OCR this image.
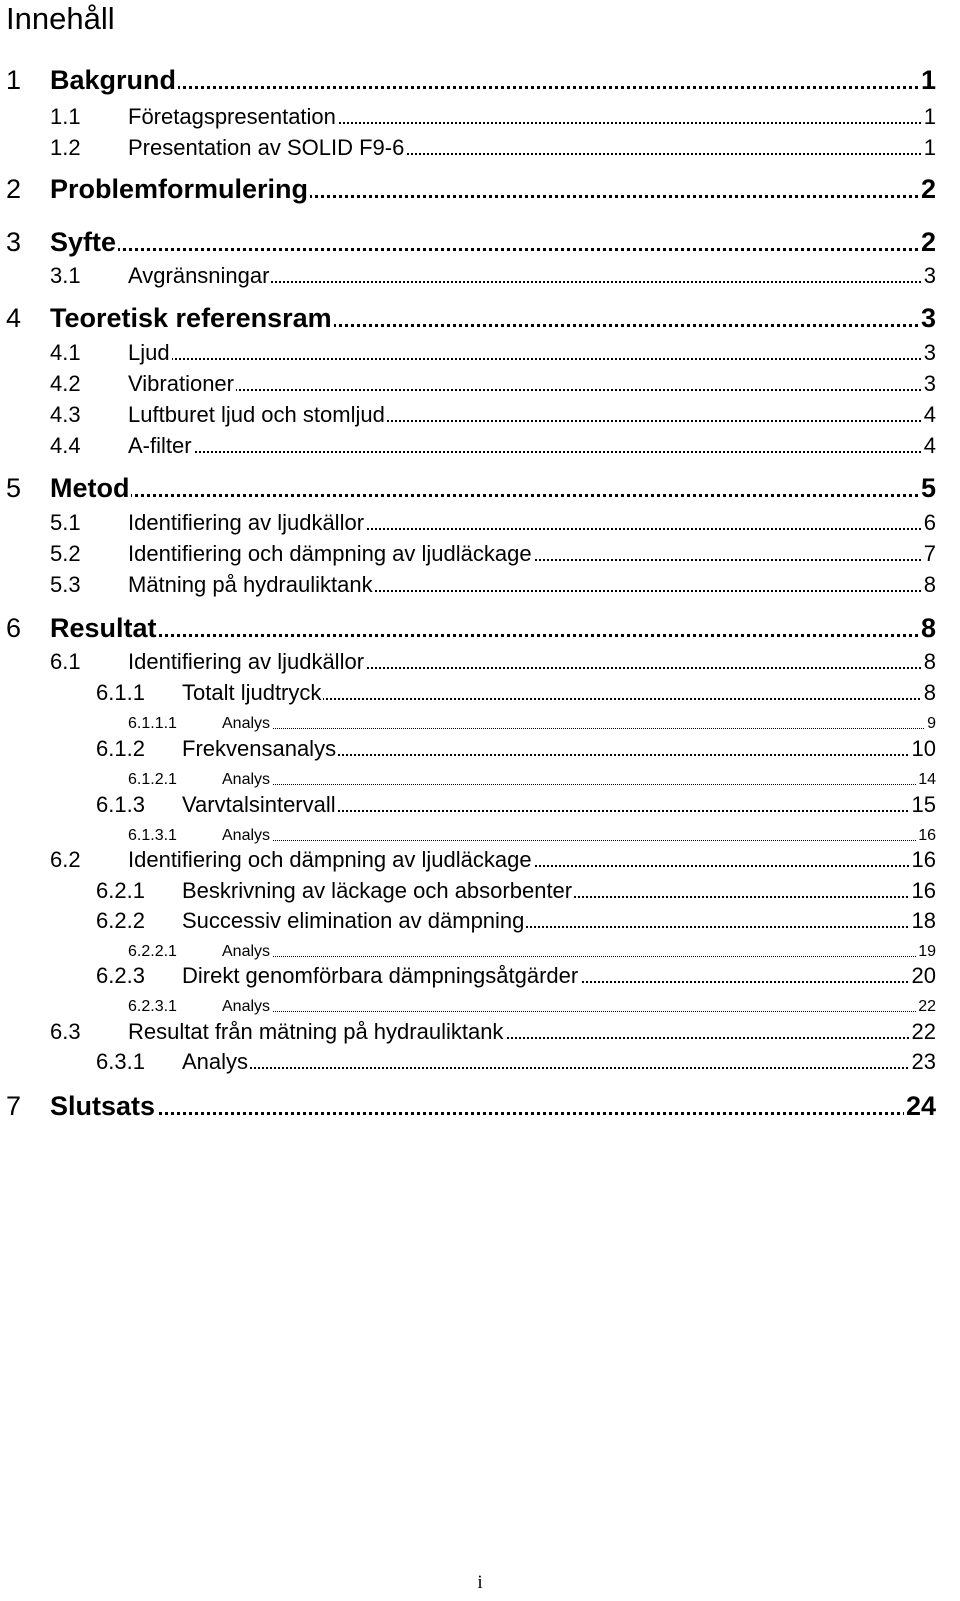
Innehåll
1 Bakgrund	1
1.1 Företagspresentation	1
1.2 Presentation av SOLID F9-6	1
2 Problemformulering	2
3 Syfte	2
3.1 Avgränsningar	3
4 Teoretisk referensram	3
4.1 Ljud	3
4.2 Vibrationer	3
4.3 Luftburet ljud och stomljud	4
4.4 A-filter	4
5 Metod	5
5.1 Identifiering av ljudkällor	6
5.2 Identifiering och dämpning av ljudläckage	7
5.3 Mätning på hydrauliktank	8
6 Resultat	8
6.1 Identifiering av ljudkällor	8
6.1.1 Totalt ljudtryck	8
6.1.1.1	Analys	9
6.1.2 Frekvensanalys	10
6.1.2.1	Analys	14
6.1.3 Varvtalsintervall	15
6.1.3.1	Analys	16
6.2 Identifiering och dämpning av ljudläckage	16
6.2.1 Beskrivning av läckage och absorbenter	16
6.2.2 Successiv elimination av dämpning	18
6.2.2.1	Analys	19
6.2.3 Direkt genomförbara dämpningsåtgärder	20
6.2.3.1	Analys	22
6.3 Resultat från mätning på hydrauliktank	22
6.3.1 Analys	23
7 Slutsats	24
i
